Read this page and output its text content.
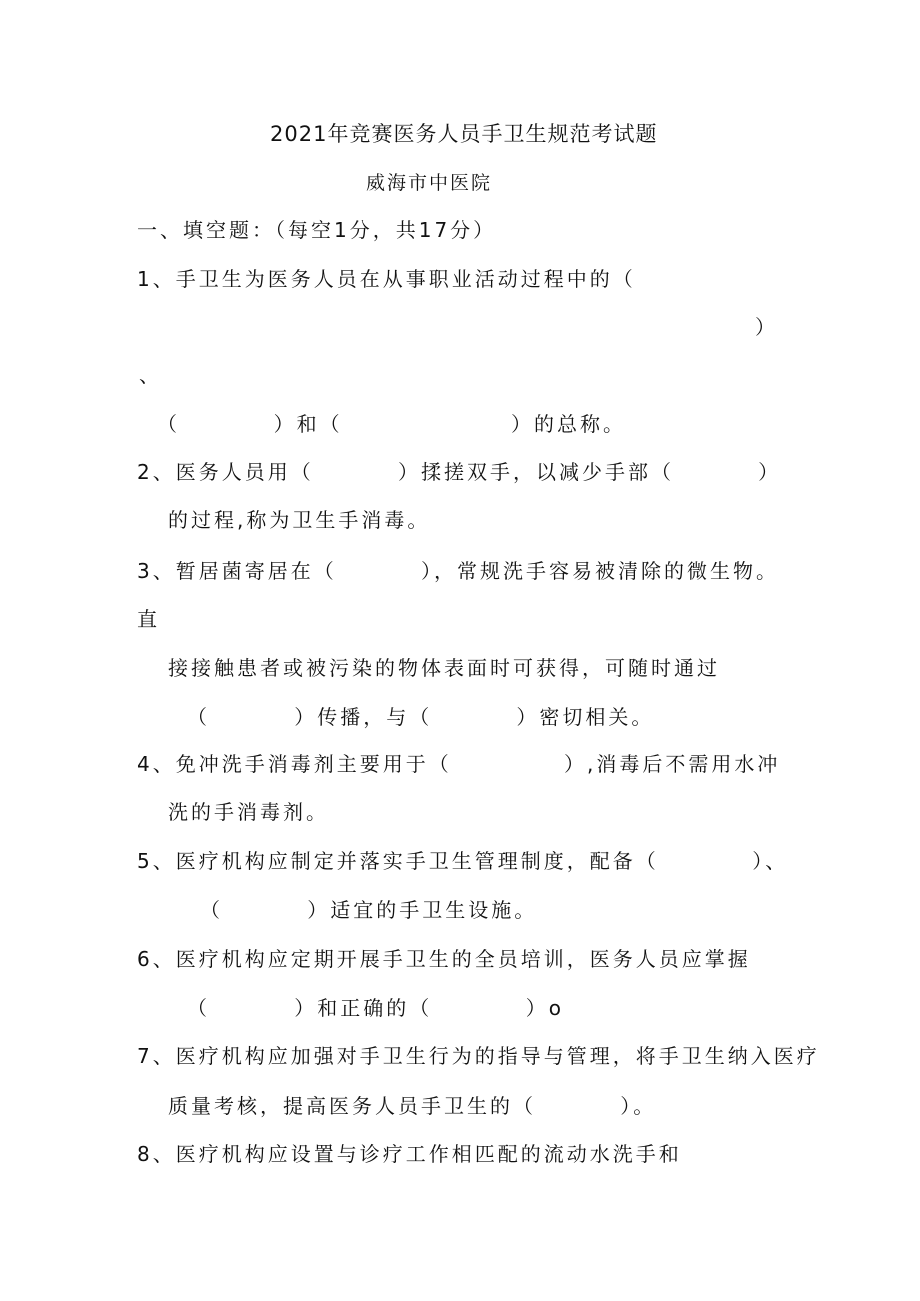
2021年竞赛医务人员手卫生规范考试题
威海市中医院
一、填空题：（每空1分，共17分）
1、手卫生为医务人员在从事职业活动过程中的（
）
、
（          ）和（                  ）的总称。
2、医务人员用（         ）揉搓双手，以减少手部（         ）
的过程,称为卫生手消毒。
3、暂居菌寄居在（         ），常规洗手容易被清除的微生物。
直
接接触患者或被污染的物体表面时可获得，可随时通过
（         ）传播，与（         ）密切相关。
4、免冲洗手消毒剂主要用于（            ）,消毒后不需用水冲
洗的手消毒剂。
5、医疗机构应制定并落实手卫生管理制度，配备（          ）、
（         ）适宜的手卫生设施。
6、医疗机构应定期开展手卫生的全员培训，医务人员应掌握
（         ）和正确的（          ）o
7、医疗机构应加强对手卫生行为的指导与管理，将手卫生纳入医疗
质量考核，提高医务人员手卫生的（         ）。
8、医疗机构应设置与诊疗工作相匹配的流动水洗手和
